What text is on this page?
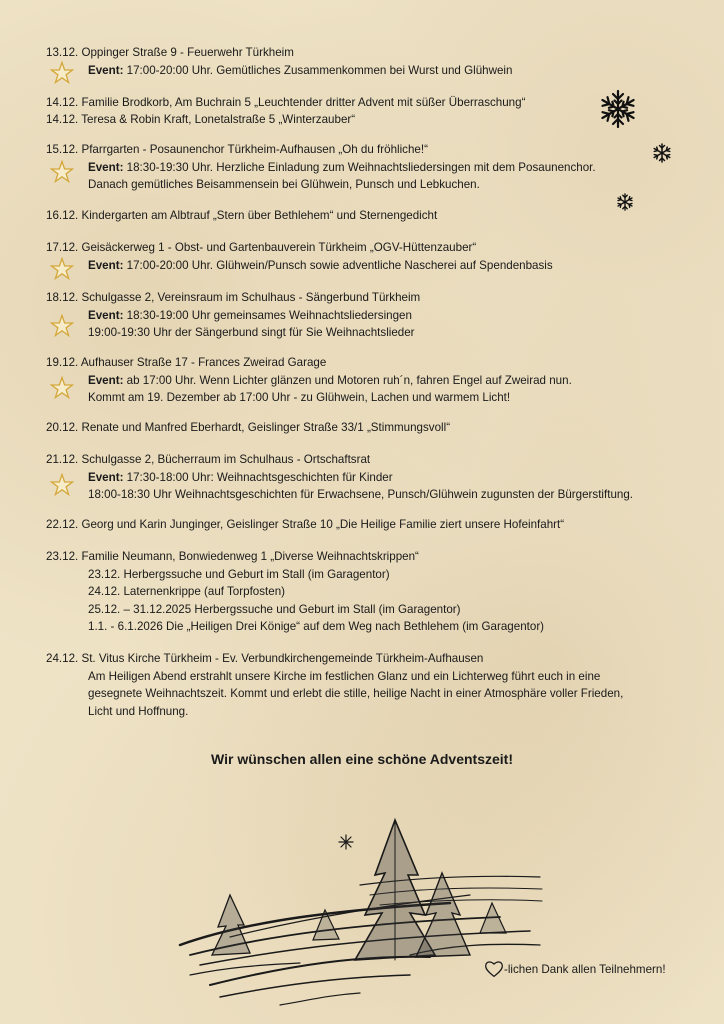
13.12. Oppinger Straße 9 - Feuerwehr Türkheim
Event: 17:00-20:00 Uhr. Gemütliches Zusammenkommen bei Wurst und Glühwein
14.12. Familie Brodkorb, Am Buchrain 5 „Leuchtender dritter Advent mit süßer Überraschung“
14.12. Teresa & Robin Kraft, Lonetalstraße 5 „Winterzauber“
15.12. Pfarrgarten - Posaunenchor Türkheim-Aufhausen „Oh du fröhliche!“
Event: 18:30-19:30 Uhr. Herzliche Einladung zum Weihnachtsliedersingen mit dem Posaunenchor.
Danach gemütliches Beisammensein bei Glühwein, Punsch und Lebkuchen.
16.12. Kindergarten am Albtrauf „Stern über Bethlehem“ und Sternengedicht
17.12. Geisäckerweg 1 - Obst- und Gartenbauverein Türkheim „OGV-Hüttenzauber“
Event: 17:00-20:00 Uhr. Glühwein/Punsch sowie adventliche Nascherei auf Spendenbasis
18.12. Schulgasse 2, Vereinsraum im Schulhaus - Sängerbund Türkheim
Event: 18:30-19:00 Uhr gemeinsames Weihnachtsliedersingen
19:00-19:30 Uhr der Sängerbund singt für Sie Weihnachtslieder
19.12. Aufhauser Straße 17 - Frances Zweirad Garage
Event: ab 17:00 Uhr. Wenn Lichter glänzen und Motoren ruh´n, fahren Engel auf Zweirad nun.
Kommt am 19. Dezember ab 17:00 Uhr - zu Glühwein, Lachen und warmem Licht!
20.12. Renate und Manfred Eberhardt, Geislinger Straße 33/1 „Stimmungsvoll“
21.12. Schulgasse 2, Bücherraum im Schulhaus - Ortschaftsrat
Event: 17:30-18:00 Uhr: Weihnachtsgeschichten für Kinder
18:00-18:30 Uhr Weihnachtsgeschichten für Erwachsene, Punsch/Glühwein zugunsten der Bürgerstiftung.
22.12. Georg und Karin Junginger, Geislinger Straße 10 „Die Heilige Familie ziert unsere Hofeinfahrt“
23.12. Familie Neumann, Bonwiedenweg 1 „Diverse Weihnachtskrippen“
23.12. Herbergssuche und Geburt im Stall (im Garagentor)
24.12. Laternenkrippe (auf Torpfosten)
25.12. – 31.12.2025 Herbergssuche und Geburt im Stall (im Garagentor)
1.1. - 6.1.2026 Die „Heiligen Drei Könige“ auf dem Weg nach Bethlehem (im Garagentor)
24.12. St. Vitus Kirche Türkheim - Ev. Verbundkirchengemeinde Türkheim-Aufhausen
Am Heiligen Abend erstrahlt unsere Kirche im festlichen Glanz und ein Lichterweg führt euch in eine
gesegnete Weihnachtszeit. Kommt und erlebt die stille, heilige Nacht in einer Atmosphäre voller Frieden,
Licht und Hoffnung.
Wir wünschen allen eine schöne Adventszeit!
-lichen Dank allen Teilnehmern!
